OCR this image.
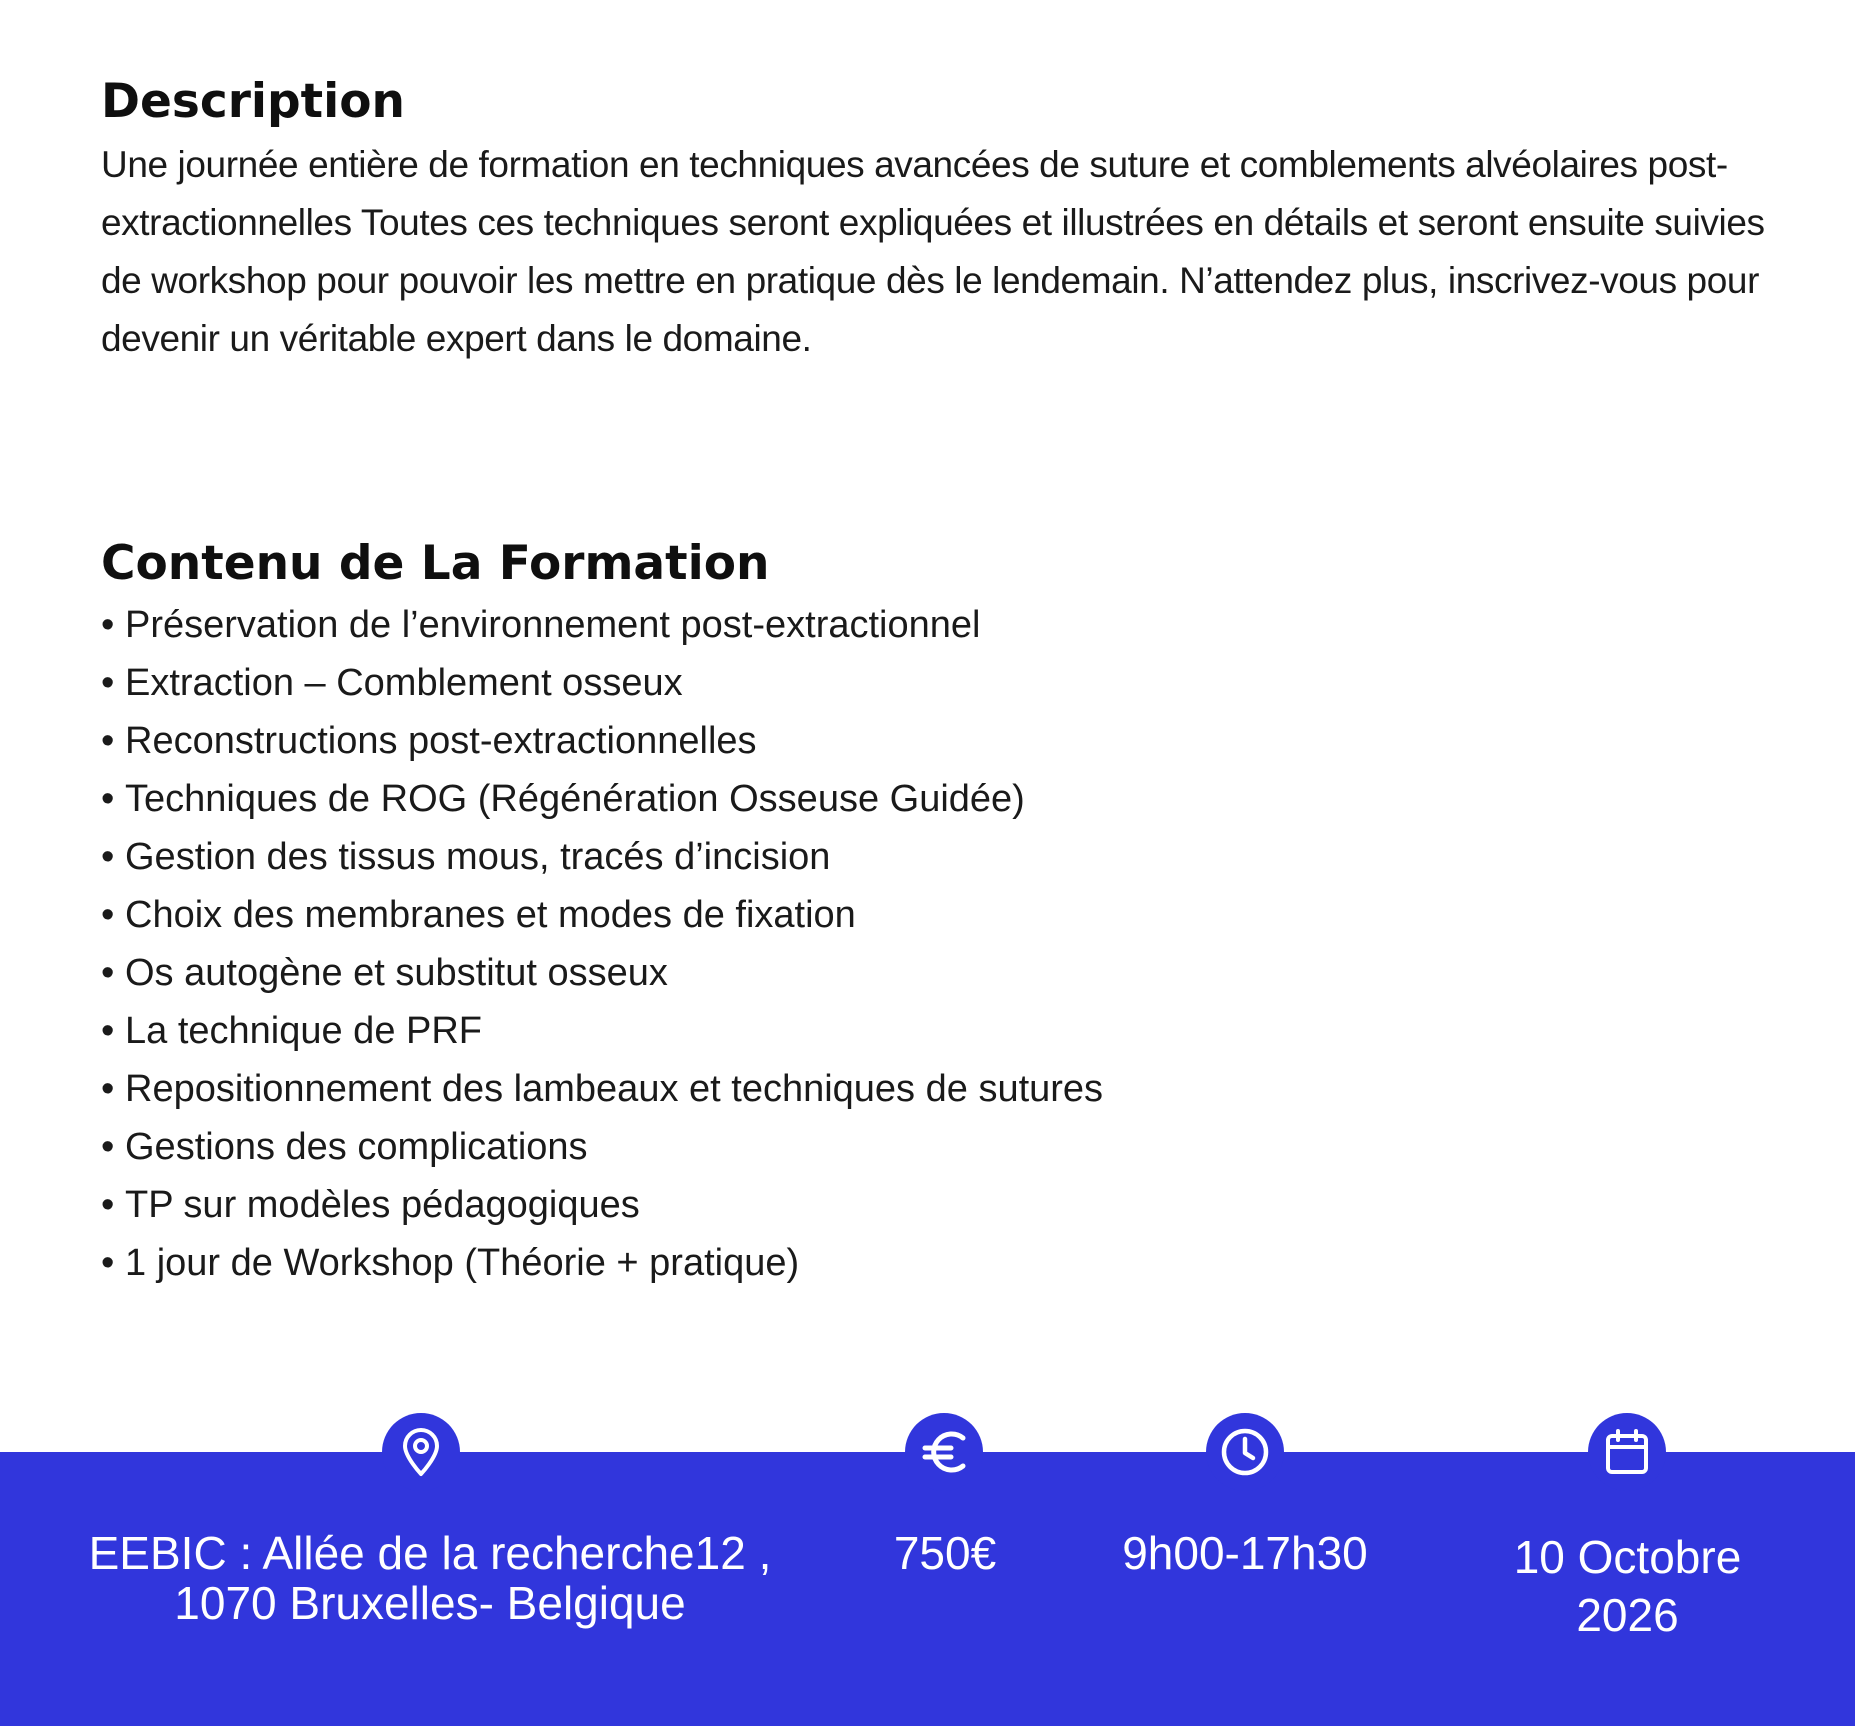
Description

Une journée entière de formation en techniques avancées de suture et comblements alvéolaires post-extractionnelles Toutes ces techniques seront expliquées et illustrées en détails et seront ensuite suivies de workshop pour pouvoir les mettre en pratique dès le lendemain. N’attendez plus, inscrivez-vous pour devenir un véritable expert dans le domaine.

Contenu de La Formation
• Préservation de l’environnement post-extractionnel
• Extraction – Comblement osseux
• Reconstructions post-extractionnelles
• Techniques de ROG (Régénération Osseuse Guidée)
• Gestion des tissus mous, tracés d’incision
• Choix des membranes et modes de fixation
• Os autogène et substitut osseux
• La technique de PRF
• Repositionnement des lambeaux et techniques de sutures
• Gestions des complications
• TP sur modèles pédagogiques
• 1 jour de Workshop (Théorie + pratique)
EEBIC : Allée de la recherche12 ,
1070 Bruxelles- Belgique
750€	9h00-17h30	10 Octobre
2026
